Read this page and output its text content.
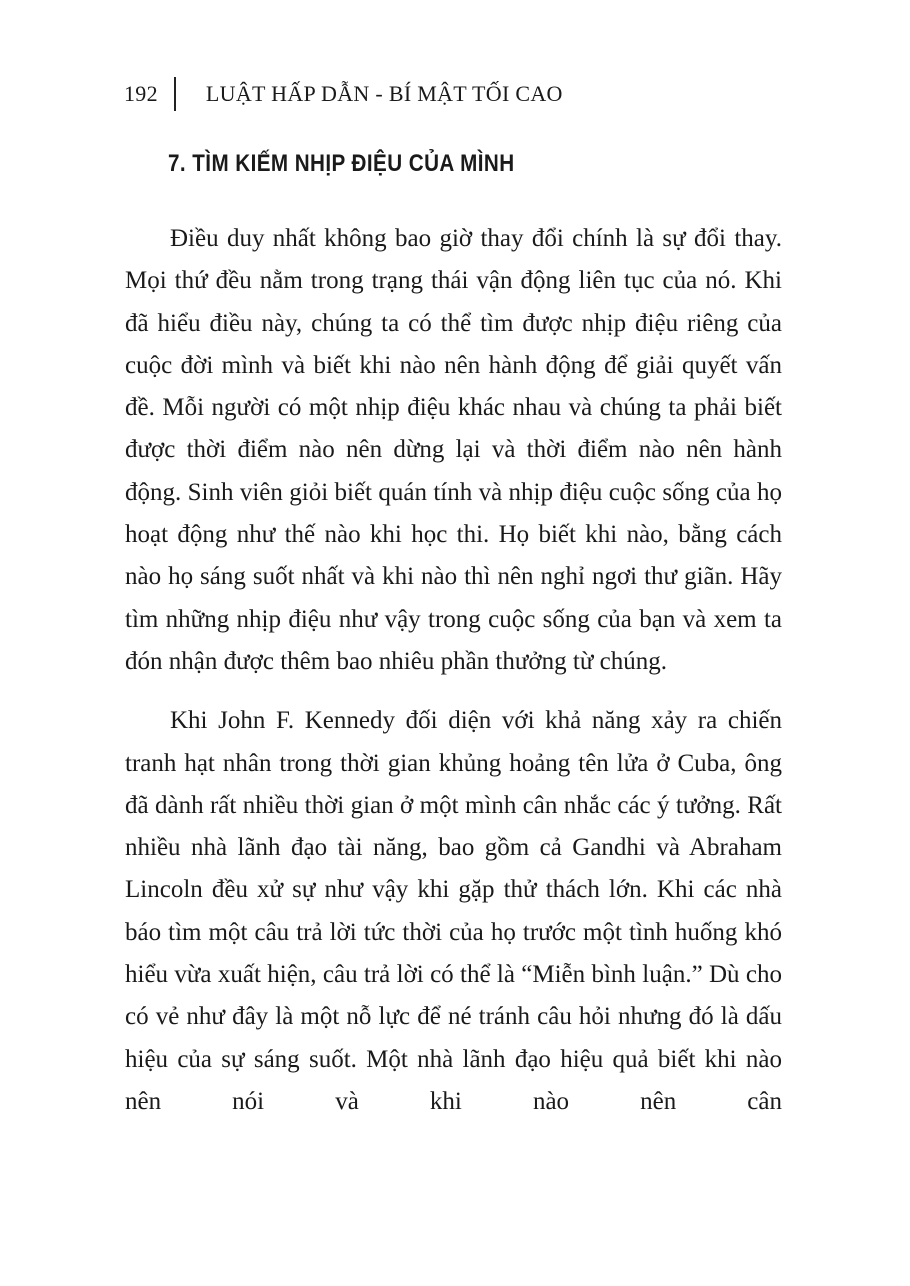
192	LUẬT HẤP DẪN - BÍ MẬT TỐI CAO
7. TÌM KIẾM NHỊP ĐIỆU CỦA MÌNH

Điều duy nhất không bao giờ thay đổi chính là sự đổi thay. Mọi thứ đều nằm trong trạng thái vận động liên tục của nó. Khi đã hiểu điều này, chúng ta có thể tìm được nhịp điệu riêng của cuộc đời mình và biết khi nào nên hành động để giải quyết vấn đề. Mỗi người có một nhịp điệu khác nhau và chúng ta phải biết được thời điểm nào nên dừng lại và thời điểm nào nên hành động. Sinh viên giỏi biết quán tính và nhịp điệu cuộc sống của họ hoạt động như thế nào khi học thi. Họ biết khi nào, bằng cách nào họ sáng suốt nhất và khi nào thì nên nghỉ ngơi thư giãn. Hãy tìm những nhịp điệu như vậy trong cuộc sống của bạn và xem ta đón nhận được thêm bao nhiêu phần thưởng từ chúng.

Khi John F. Kennedy đối diện với khả năng xảy ra chiến tranh hạt nhân trong thời gian khủng hoảng tên lửa ở Cuba, ông đã dành rất nhiều thời gian ở một mình cân nhắc các ý tưởng. Rất nhiều nhà lãnh đạo tài năng, bao gồm cả Gandhi và Abraham Lincoln đều xử sự như vậy khi gặp thử thách lớn. Khi các nhà báo tìm một câu trả lời tức thời của họ trước một tình huống khó hiểu vừa xuất hiện, câu trả lời có thể là “Miễn bình luận.” Dù cho có vẻ như đây là một nỗ lực để né tránh câu hỏi nhưng đó là dấu hiệu của sự sáng suốt. Một nhà lãnh đạo hiệu quả biết khi nào nên nói và khi nào nên cân
